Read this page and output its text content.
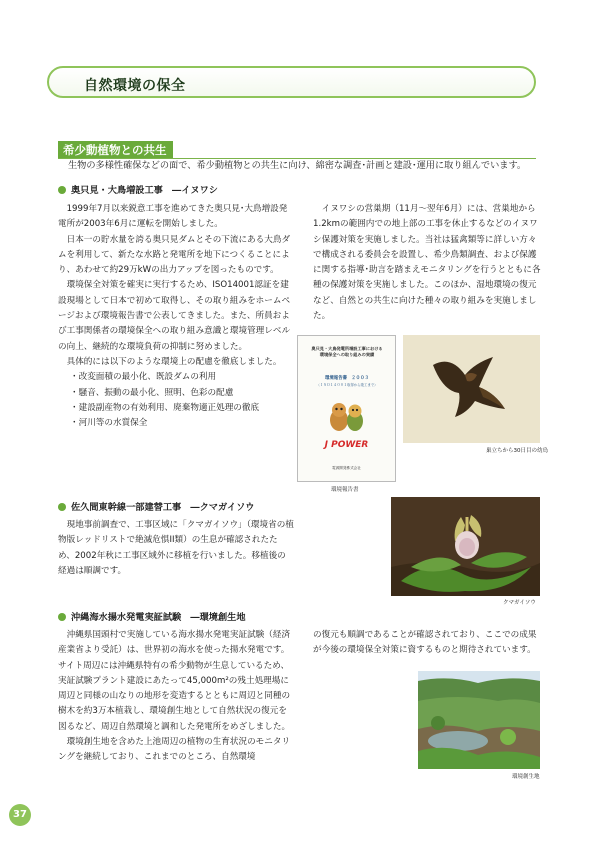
自然環境の保全
希少動植物との共生
生物の多様性確保などの面で、希少動植物との共生に向け、綿密な調査･計画と建設･運用に取り組んでいます。
奥只見・大鳥増設工事　―イヌワシ

1999年7月以来鋭意工事を進めてきた奥只見･大鳥増設発電所が2003年6月に運転を開始しました。

日本一の貯水量を誇る奥只見ダムとその下流にある大鳥ダムを利用して、新たな水路と発電所を地下につくることにより、あわせて約29万kWの出力アップを図ったものです。

環境保全対策を確実に実行するため、ISO14001認証を建設現場として日本で初めて取得し、その取り組みをホームページおよび環境報告書で公表してきました。また、所員および工事関係者の環境保全への取り組み意識と環境管理レベルの向上、継続的な環境負荷の抑制に努めました。

具体的には以下のような環境上の配慮を徹底しました。

・改変面積の最小化、既設ダムの利用
・騒音、振動の最小化、照明、色彩の配慮
・建設副産物の有効利用、廃棄物適正処理の徹底
・河川等の水質保全
イヌワシの営巣期（11月～翌年6月）には、営巣地から1.2kmの範囲内での地上部の工事を休止するなどのイヌワシ保護対策を実施しました。当社は猛禽類等に詳しい方々で構成される委員会を設置し、希少鳥類調査、および保護に関する指導･助言を踏まえモニタリングを行うとともに各種の保護対策を実施しました。このほか、湿地環境の復元など、自然との共生に向けた種々の取り組みを実施しました。
奥只見・大鳥発電所増設工事における
環境保全への取り組みの実績
環境報告書　２００３
（ＩＳＯ１４００１取得から竣工まで）
J POWER
電源開発株式会社
環境報告書
巣立ちから30日目の幼鳥
佐久間東幹線一部建替工事　―クマガイソウ
現地事前調査で、工事区域に「クマガイソウ」（環境省の植物版レッドリストで絶滅危惧II類）の生息が確認されたため、2002年秋に工事区域外に移植を行いました。移植後の経過は順調です。
クマガイソウ
沖縄海水揚水発電実証試験　―環境創生地

沖縄県国頭村で実施している海水揚水発電実証試験（経済産業省より受託）は、世界初の海水を使った揚水発電です。サイト周辺には沖縄県特有の希少動物が生息しているため、実証試験プラント建設にあたって45,000m²の残土処理場に周辺と同様の山なりの地形を変造するとともに周辺と同種の樹木を約3万本植栽し、環境創生地として自然状況の復元を図るなど、周辺自然環境と調和した発電所をめざしました。

環境創生地を含めた上池周辺の植物の生育状況のモニタリングを継続しており、これまでのところ、自然環境

の復元も順調であることが確認されており、ここでの成果が今後の環境保全対策に資するものと期待されています。
環境創生地
37
